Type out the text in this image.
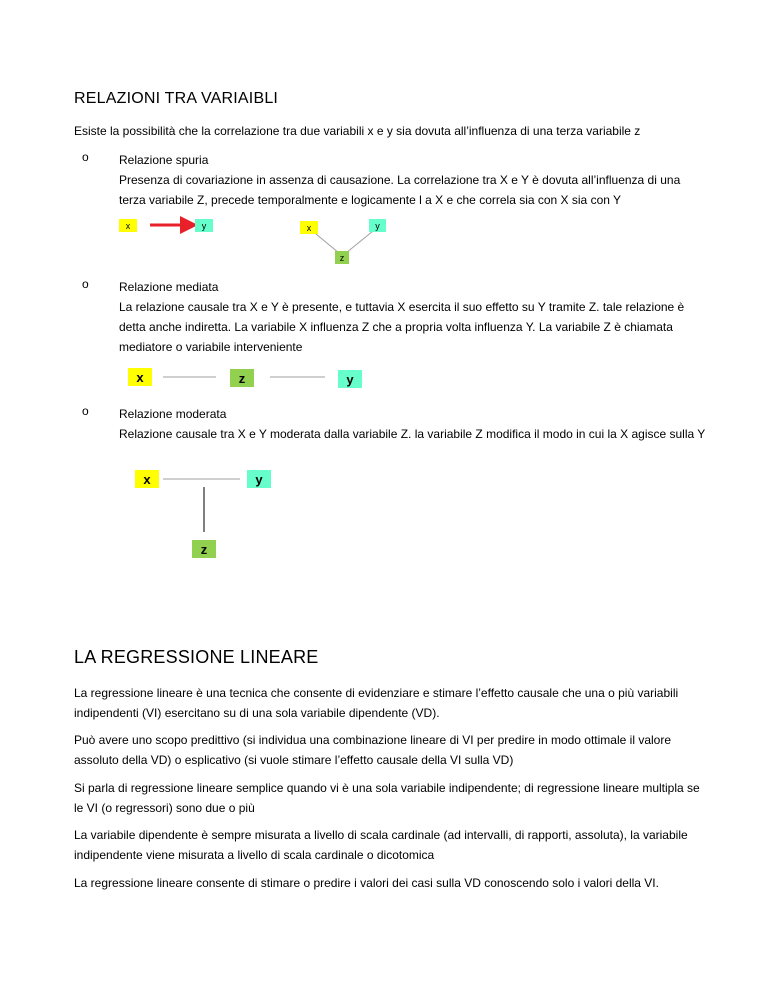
RELAZIONI TRA VARIAIBLI
Esiste la possibilità che la correlazione tra due variabili x e y sia dovuta all’influenza di una terza variabile z
o	Relazione spuria
Presenza di covariazione in assenza di causazione. La correlazione tra X e Y è dovuta all’influenza di una terza variabile Z, precede temporalmente e logicamente l a X e che correla sia con X sia con Y
o	Relazione mediata
La relazione causale tra X e Y è presente, e tuttavia X esercita il suo effetto su Y tramite Z. tale relazione è detta anche indiretta. La variabile X influenza Z che a propria volta influenza Y. La variabile Z è chiamata mediatore o variabile interveniente
o	Relazione moderata
Relazione causale tra X e Y moderata dalla variabile Z. la variabile Z modifica il modo in cui la X agisce sulla Y
x	y	x	y
z
x	z	y
x	y
z
LA REGRESSIONE LINEARE
La regressione lineare è una tecnica che consente di evidenziare e stimare l’effetto causale che una o più variabili indipendenti (VI) esercitano su di una sola variabile dipendente (VD).
Può avere uno scopo predittivo (si individua una combinazione lineare di VI per predire in modo ottimale il valore assoluto della VD) o esplicativo (si vuole stimare l’effetto causale della VI sulla VD)
Si parla di regressione lineare semplice quando vi è una sola variabile indipendente; di regressione lineare multipla se le VI (o regressori) sono due o più
La variabile dipendente è sempre misurata a livello di scala cardinale (ad intervalli, di rapporti, assoluta), la variabile indipendente viene misurata a livello di scala cardinale o dicotomica
La regressione lineare consente di stimare o predire i valori dei casi sulla VD conoscendo solo i valori della VI.
